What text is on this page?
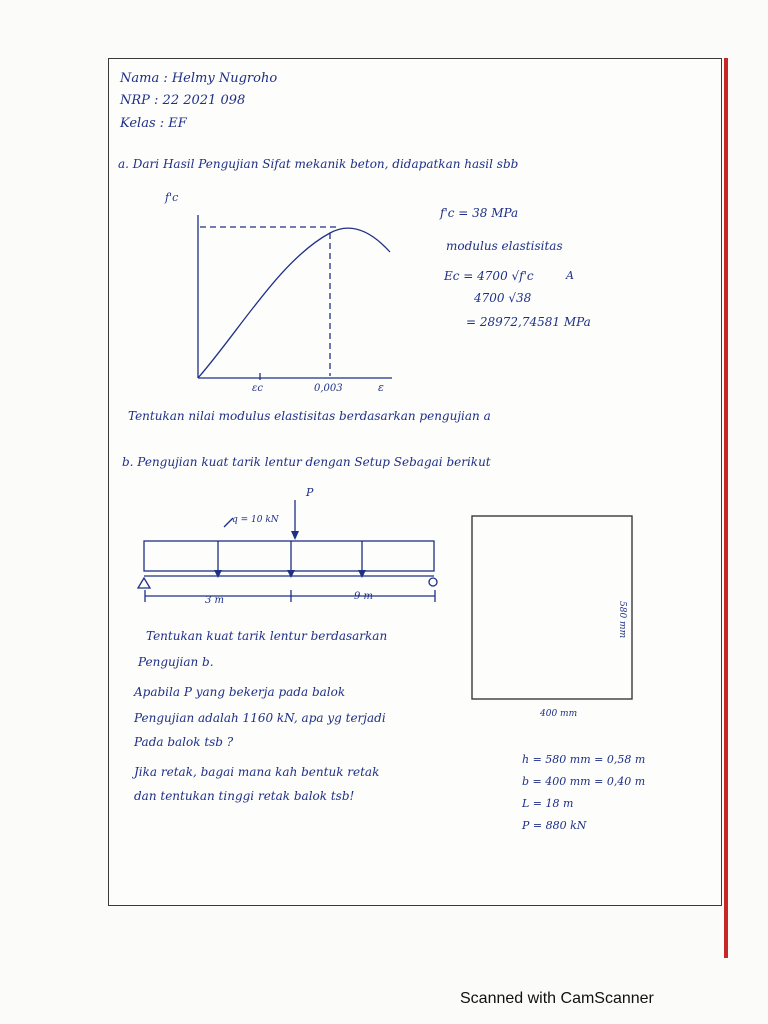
Nama : Helmy Nugroho
NRP : 22 2021 098
Kelas : EF
a. Dari Hasil Pengujian Sifat mekanik beton, didapatkan hasil sbb
f'c
εc	0,003	ε
f'c = 38 MPa
modulus elastisitas
Ec = 4700 √f'c	A
4700 √38
= 28972,74581 MPa
Tentukan nilai modulus elastisitas berdasarkan pengujian a
b. Pengujian kuat tarik lentur dengan Setup Sebagai berikut
P
q = 10 kN
3 m	9 m
580 mm
400 mm
Tentukan kuat tarik lentur berdasarkan
Pengujian b.
Apabila P yang bekerja pada balok
Pengujian adalah 1160 kN, apa yg terjadi
Pada balok tsb ?
Jika retak, bagai mana kah bentuk retak
dan tentukan tinggi retak balok tsb!
h = 580 mm = 0,58 m
b = 400 mm = 0,40 m
L = 18 m
P = 880 kN
Scanned with CamScanner
